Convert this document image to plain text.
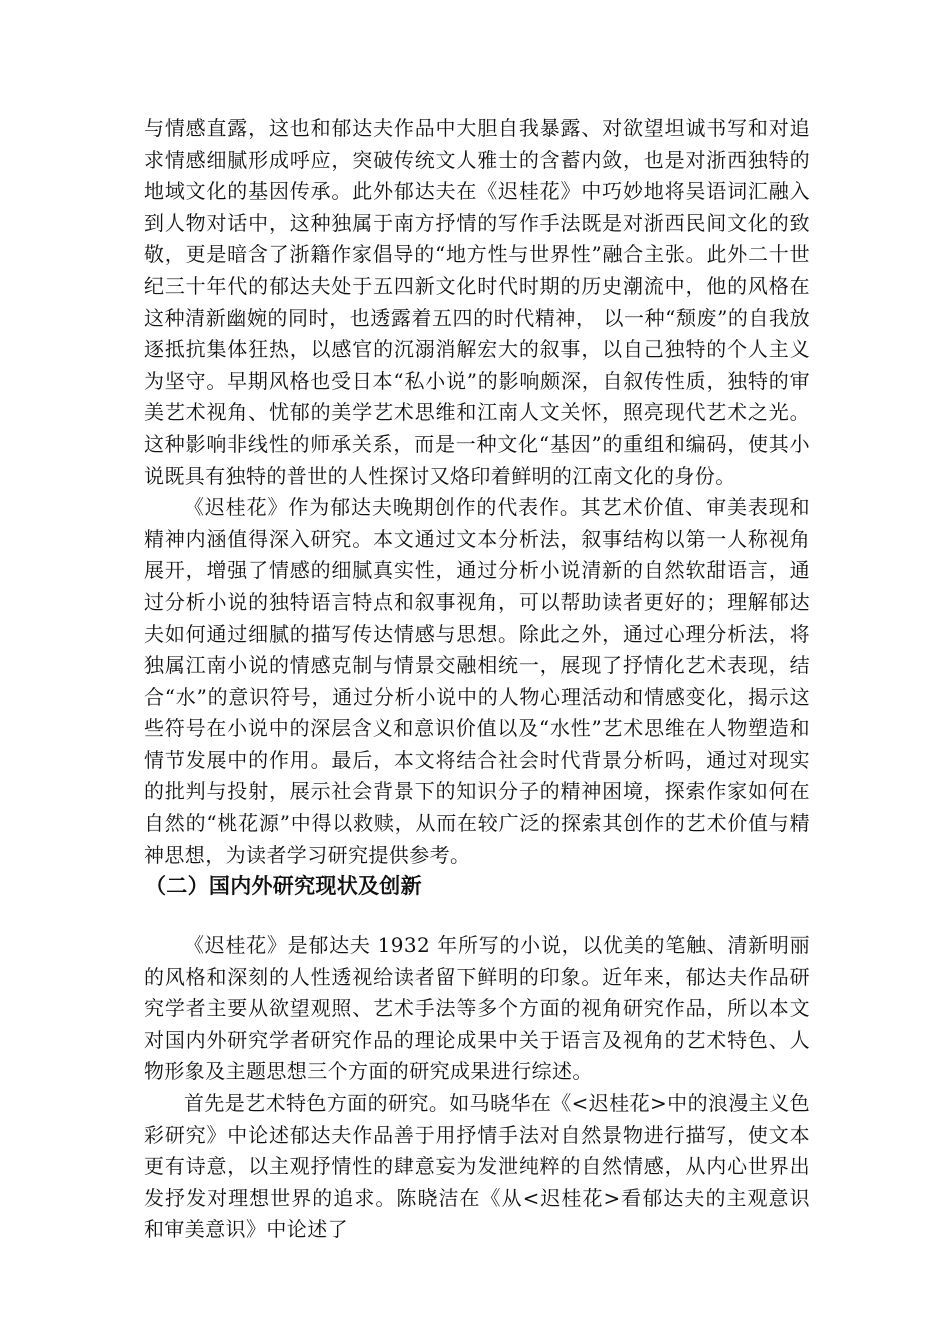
与情感直露，这也和郁达夫作品中大胆自我暴露、对欲望坦诚书写和对追求情感细腻形成呼应，突破传统文人雅士的含蓄内敛，也是对浙西独特的地域文化的基因传承。此外郁达夫在《迟桂花》中巧妙地将吴语词汇融入到人物对话中，这种独属于南方抒情的写作手法既是对浙西民间文化的致敬，更是暗含了浙籍作家倡导的“地方性与世界性”融合主张。此外二十世纪三十年代的郁达夫处于五四新文化时代时期的历史潮流中，他的风格在这种清新幽婉的同时，也透露着五四的时代精神， 以一种“颓废”的自我放逐抵抗集体狂热，以感官的沉溺消解宏大的叙事，以自己独特的个人主义为坚守。早期风格也受日本“私小说”的影响颇深，自叙传性质，独特的审美艺术视角、忧郁的美学艺术思维和江南人文关怀，照亮现代艺术之光。这种影响非线性的师承关系，而是一种文化“基因”的重组和编码，使其小说既具有独特的普世的人性探讨又烙印着鲜明的江南文化的身份。

《迟桂花》作为郁达夫晚期创作的代表作。其艺术价值、审美表现和精神内涵值得深入研究。本文通过文本分析法，叙事结构以第一人称视角展开，增强了情感的细腻真实性，通过分析小说清新的自然软甜语言，通过分析小说的独特语言特点和叙事视角，可以帮助读者更好的；理解郁达夫如何通过细腻的描写传达情感与思想。除此之外，通过心理分析法，将独属江南小说的情感克制与情景交融相统一，展现了抒情化艺术表现，结合“水”的意识符号，通过分析小说中的人物心理活动和情感变化，揭示这些符号在小说中的深层含义和意识价值以及“水性”艺术思维在人物塑造和情节发展中的作用。最后，本文将结合社会时代背景分析吗，通过对现实的批判与投射，展示社会背景下的知识分子的精神困境，探索作家如何在自然的“桃花源”中得以救赎，从而在较广泛的探索其创作的艺术价值与精神思想，为读者学习研究提供参考。

（二）国内外研究现状及创新

《迟桂花》是郁达夫 1932 年所写的小说，以优美的笔触、清新明丽的风格和深刻的人性透视给读者留下鲜明的印象。近年来，郁达夫作品研究学者主要从欲望观照、艺术手法等多个方面的视角研究作品，所以本文对国内外研究学者研究作品的理论成果中关于语言及视角的艺术特色、人物形象及主题思想三个方面的研究成果进行综述。

首先是艺术特色方面的研究。如马晓华在《<迟桂花>中的浪漫主义色彩研究》中论述郁达夫作品善于用抒情手法对自然景物进行描写，使文本更有诗意，以主观抒情性的肆意妄为发泄纯粹的自然情感，从内心世界出发抒发对理想世界的追求。陈晓洁在《从<迟桂花>看郁达夫的主观意识和审美意识》中论述了
